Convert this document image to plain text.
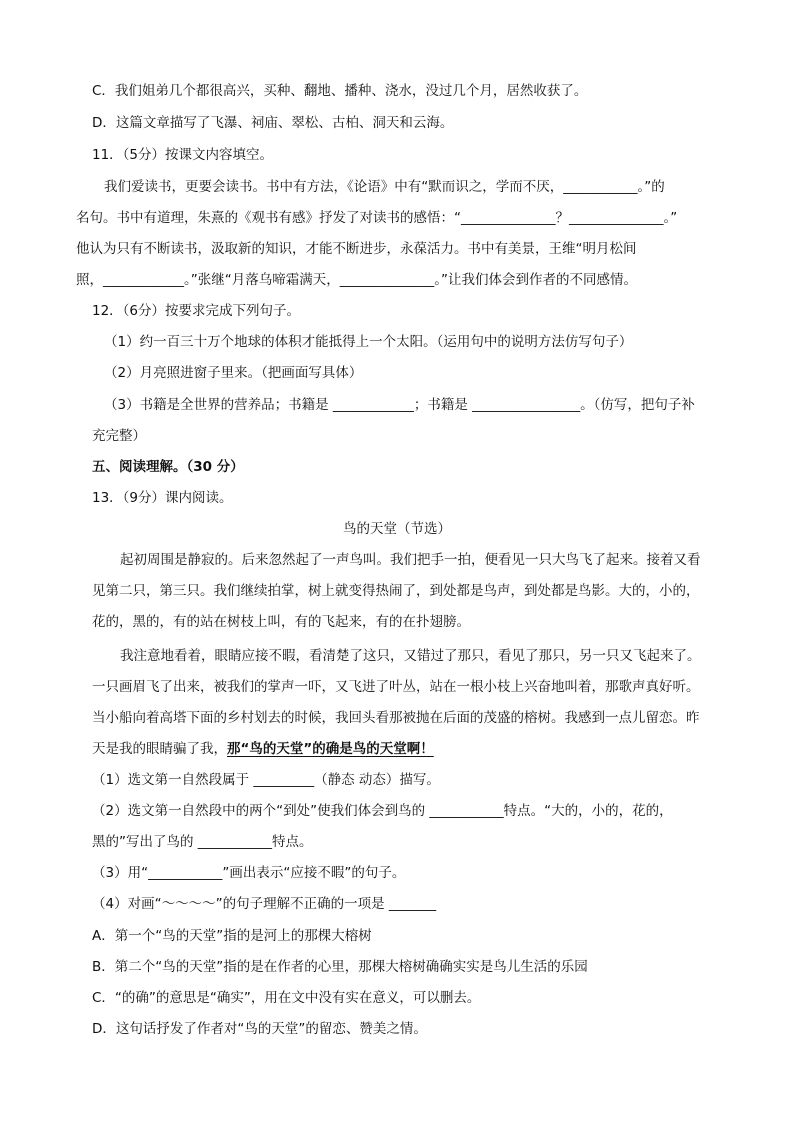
C．我们姐弟几个都很高兴，买种、翻地、播种、浇水，没过几个月，居然收获了。
D．这篇文章描写了飞瀑、祠庙、翠松、古柏、洞天和云海。
11．（5分）按课文内容填空。
我们爱读书，更要会读书。书中有方法，《论语》中有“默而识之，学而不厌，___________。”的
名句。书中有道理，朱熹的《观书有感》抒发了对读书的感悟：“______________？______________。”
他认为只有不断读书，汲取新的知识，才能不断进步，永葆活力。书中有美景，王维“明月松间
照，____________。”张继“月落乌啼霜满天，______________。”让我们体会到作者的不同感情。
12．（6分）按要求完成下列句子。
（1）约一百三十万个地球的体积才能抵得上一个太阳。（运用句中的说明方法仿写句子）
（2）月亮照进窗子里来。（把画面写具体）
（3）书籍是全世界的营养品；书籍是 ____________；书籍是 ________________。（仿写，把句子补
充完整）
五、阅读理解。（30 分）
13．（9分）课内阅读。
鸟的天堂（节选）
起初周围是静寂的。后来忽然起了一声鸟叫。我们把手一拍，便看见一只大鸟飞了起来。接着又看
见第二只，第三只。我们继续拍掌，树上就变得热闹了，到处都是鸟声，到处都是鸟影。大的，小的，
花的，黑的，有的站在树枝上叫，有的飞起来，有的在扑翅膀。
我注意地看着，眼睛应接不暇，看清楚了这只，又错过了那只，看见了那只，另一只又飞起来了。
一只画眉飞了出来，被我们的掌声一吓，又飞进了叶丛，站在一根小枝上兴奋地叫着，那歌声真好听。
当小船向着高塔下面的乡村划去的时候，我回头看那被抛在后面的茂盛的榕树。我感到一点儿留恋。昨
天是我的眼睛骗了我，那“鸟的天堂”的确是鸟的天堂啊！
（1）选文第一自然段属于 _________（静态 动态）描写。
（2）选文第一自然段中的两个“到处”使我们体会到鸟的 ___________特点。“大的，小的，花的，
黑的”写出了鸟的 ___________特点。
（3）用“___________”画出表示“应接不暇”的句子。
（4）对画“～～～～”的句子理解不正确的一项是 _______
A．第一个“鸟的天堂”指的是河上的那棵大榕树
B．第二个“鸟的天堂”指的是在作者的心里，那棵大榕树确确实实是鸟儿生活的乐园
C．“的确”的意思是“确实”，用在文中没有实在意义，可以删去。
D．这句话抒发了作者对“鸟的天堂”的留恋、赞美之情。
